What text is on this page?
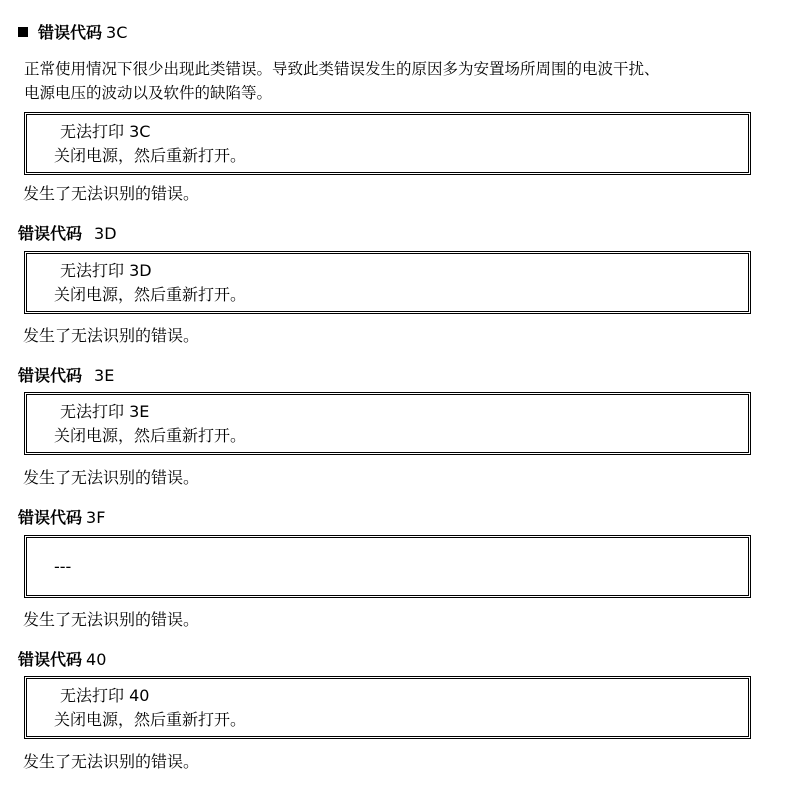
错误代码 3C
正常使用情况下很少出现此类错误。导致此类错误发生的原因多为安置场所周围的电波干扰、
电源电压的波动以及软件的缺陷等。
无法打印 3C
关闭电源，然后重新打开。
发生了无法识别的错误。
错误代码 3D
无法打印 3D
关闭电源，然后重新打开。
发生了无法识别的错误。
错误代码 3E
无法打印 3E
关闭电源，然后重新打开。
发生了无法识别的错误。
错误代码 3F
---
发生了无法识别的错误。
错误代码 40
无法打印 40
关闭电源，然后重新打开。
发生了无法识别的错误。
